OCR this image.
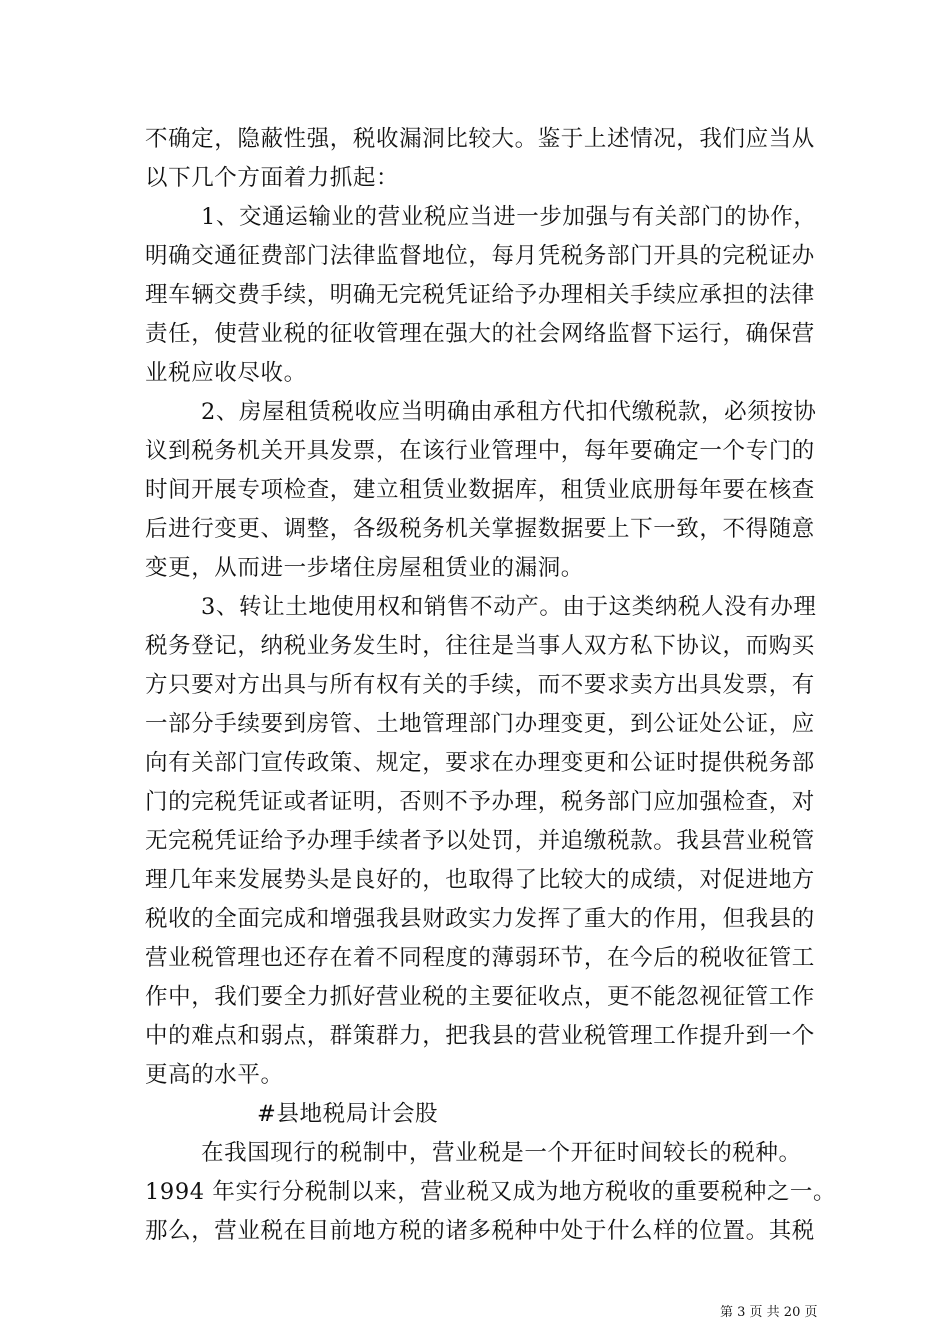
不确定，隐蔽性强，税收漏洞比较大。鉴于上述情况，我们应当从
以下几个方面着力抓起：
1、交通运输业的营业税应当进一步加强与有关部门的协作，
明确交通征费部门法律监督地位，每月凭税务部门开具的完税证办
理车辆交费手续，明确无完税凭证给予办理相关手续应承担的法律
责任，使营业税的征收管理在强大的社会网络监督下运行，确保营
业税应收尽收。
2、房屋租赁税收应当明确由承租方代扣代缴税款，必须按协
议到税务机关开具发票，在该行业管理中，每年要确定一个专门的
时间开展专项检查，建立租赁业数据库，租赁业底册每年要在核查
后进行变更、调整，各级税务机关掌握数据要上下一致，不得随意
变更，从而进一步堵住房屋租赁业的漏洞。
3、转让土地使用权和销售不动产。由于这类纳税人没有办理
税务登记，纳税业务发生时，往往是当事人双方私下协议，而购买
方只要对方出具与所有权有关的手续，而不要求卖方出具发票，有
一部分手续要到房管、土地管理部门办理变更，到公证处公证，应
向有关部门宣传政策、规定，要求在办理变更和公证时提供税务部
门的完税凭证或者证明，否则不予办理，税务部门应加强检查，对
无完税凭证给予办理手续者予以处罚，并追缴税款。我县营业税管
理几年来发展势头是良好的，也取得了比较大的成绩，对促进地方
税收的全面完成和增强我县财政实力发挥了重大的作用，但我县的
营业税管理也还存在着不同程度的薄弱环节，在今后的税收征管工
作中，我们要全力抓好营业税的主要征收点，更不能忽视征管工作
中的难点和弱点，群策群力，把我县的营业税管理工作提升到一个
更高的水平。
#县地税局计会股
在我国现行的税制中，营业税是一个开征时间较长的税种。
1994 年实行分税制以来，营业税又成为地方税收的重要税种之一。
那么，营业税在目前地方税的诸多税种中处于什么样的位置。其税
第 3 页 共 20 页
